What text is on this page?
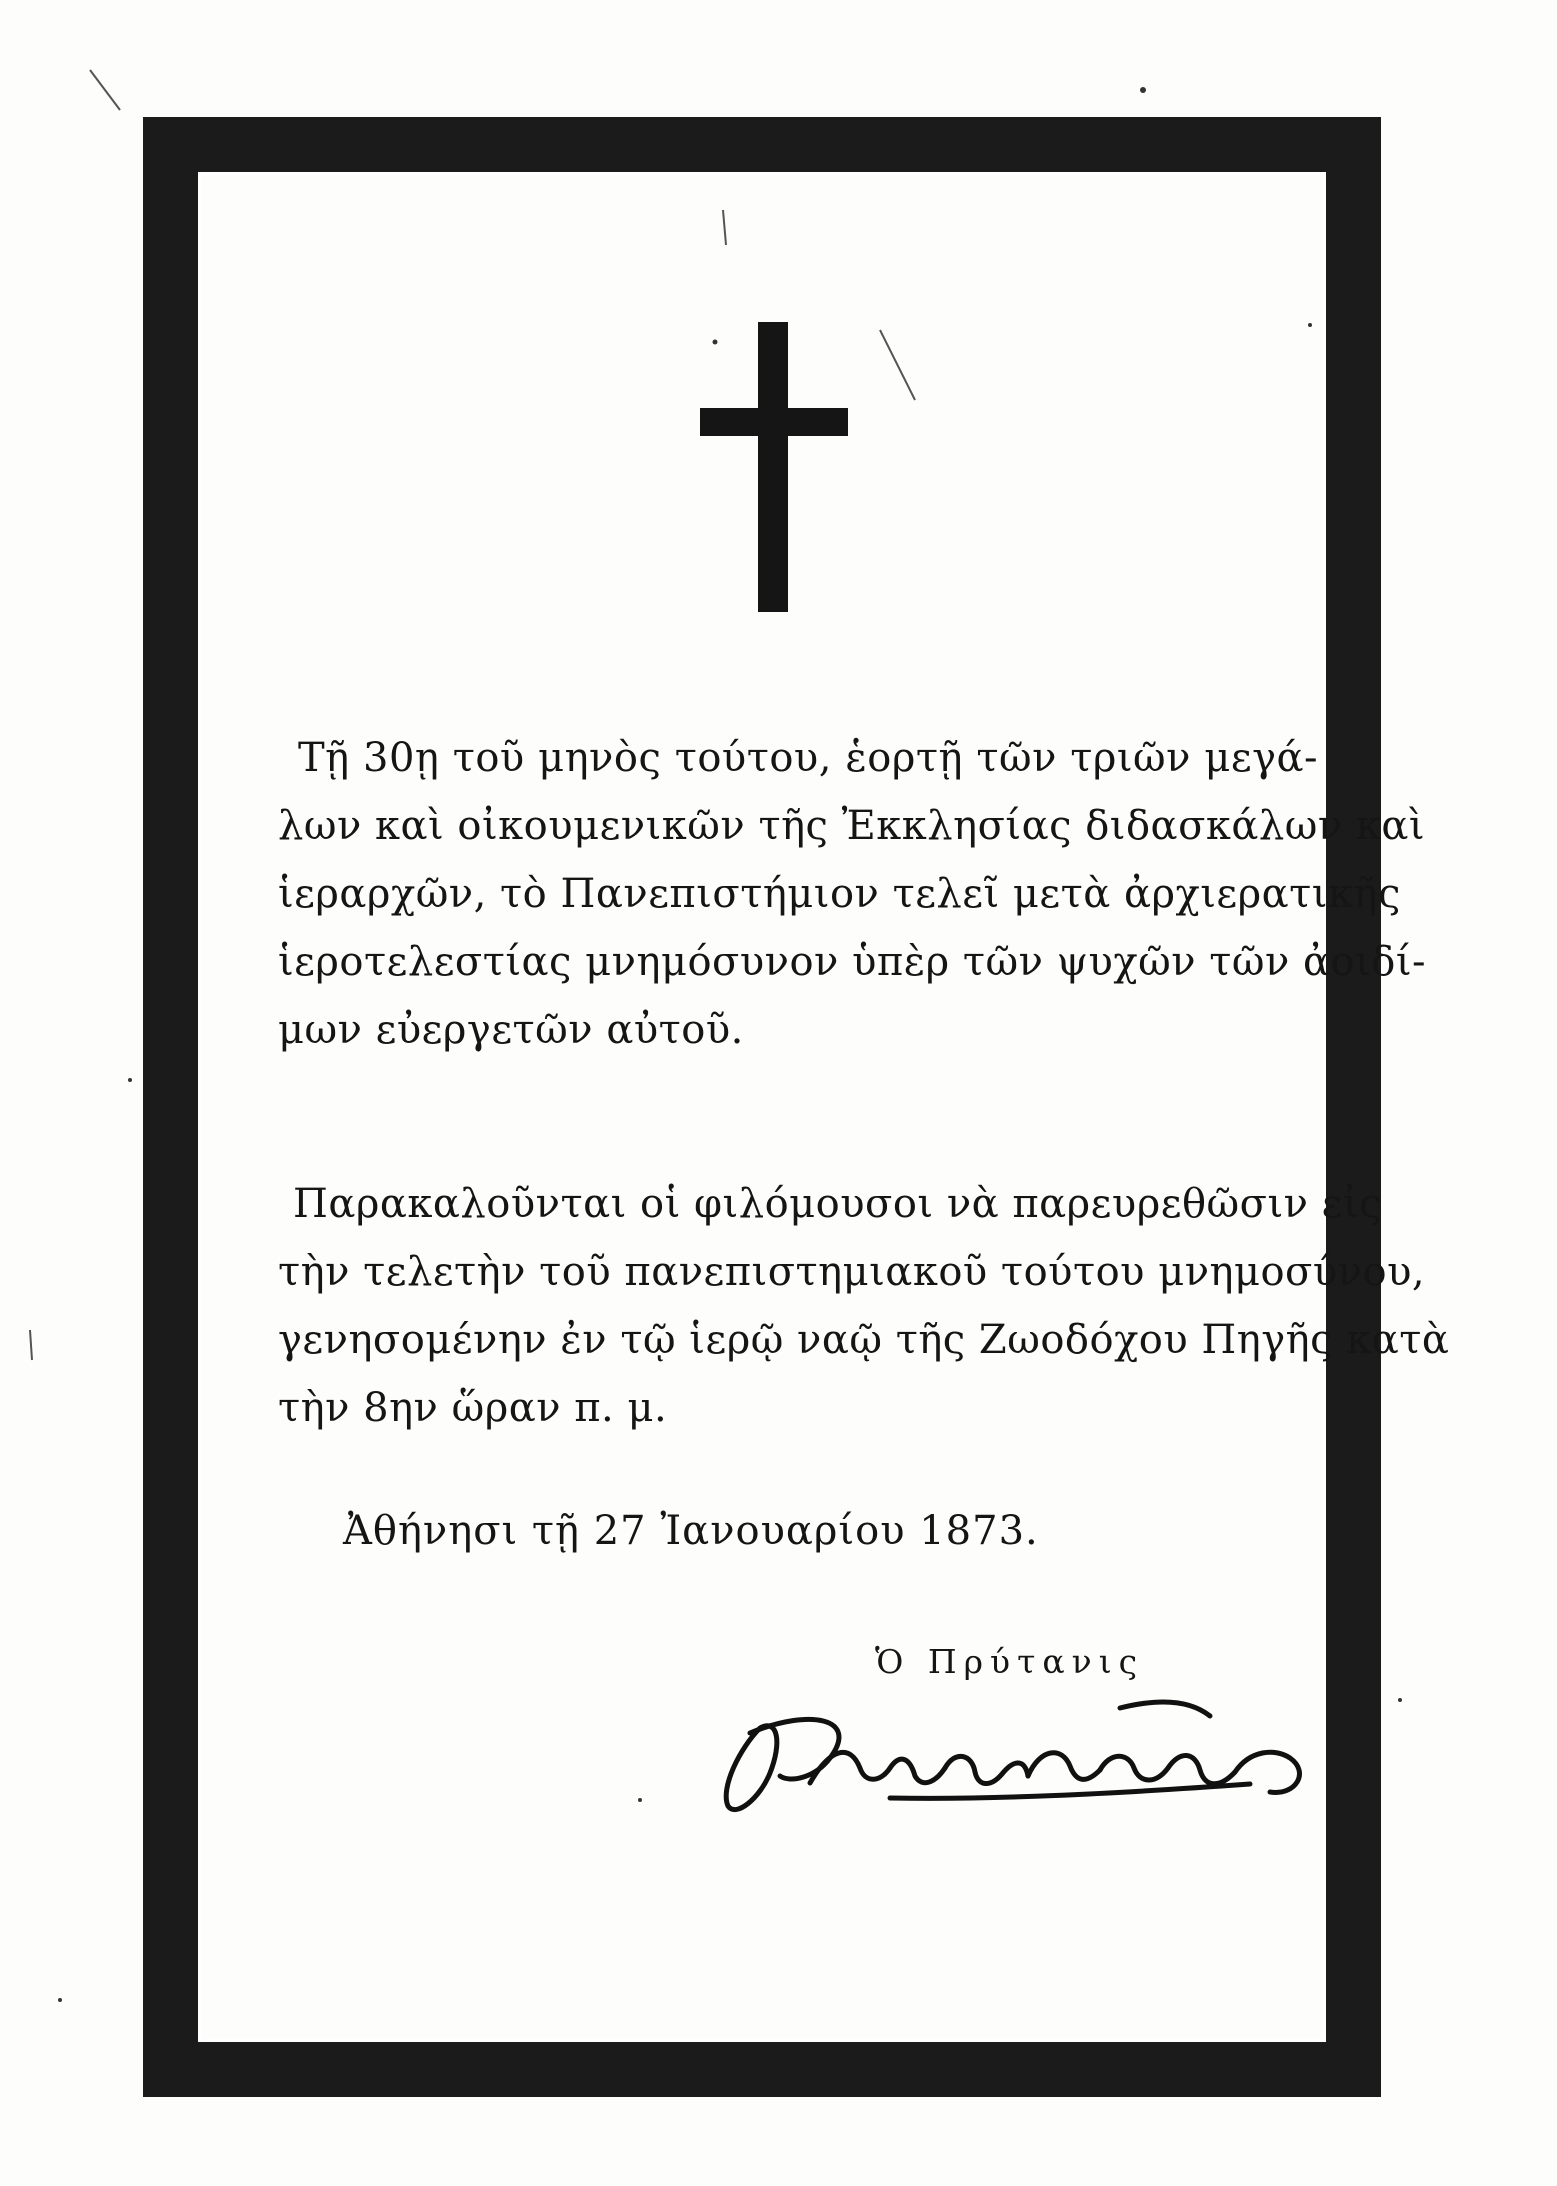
Τῇ 30ῃ τοῦ μηνὸς τούτου, ἑορτῇ τῶν τριῶν μεγά-
λων καὶ οἰκουμενικῶν τῆς Ἐκκλησίας διδασκάλων καὶ
ἱεραρχῶν, τὸ Πανεπιστήμιον τελεῖ μετὰ ἀρχιερατικῆς
ἱεροτελεστίας μνημόσυνον ὑπὲρ τῶν ψυχῶν τῶν ἀοιδί-
μων εὐεργετῶν αὐτοῦ.
Παρακαλοῦνται οἱ φιλόμουσοι νὰ παρευρεθῶσιν εἰς
τὴν τελετὴν τοῦ πανεπιστημιακοῦ τούτου μνημοσύνου,
γενησομένην ἐν τῷ ἱερῷ ναῷ τῆς Ζωοδόχου Πηγῆς κατὰ
τὴν 8ην ὥραν π. μ.
Ἀθήνησι τῇ 27 Ἰανουαρίου 1873.
Ὁ Πρύτανις
